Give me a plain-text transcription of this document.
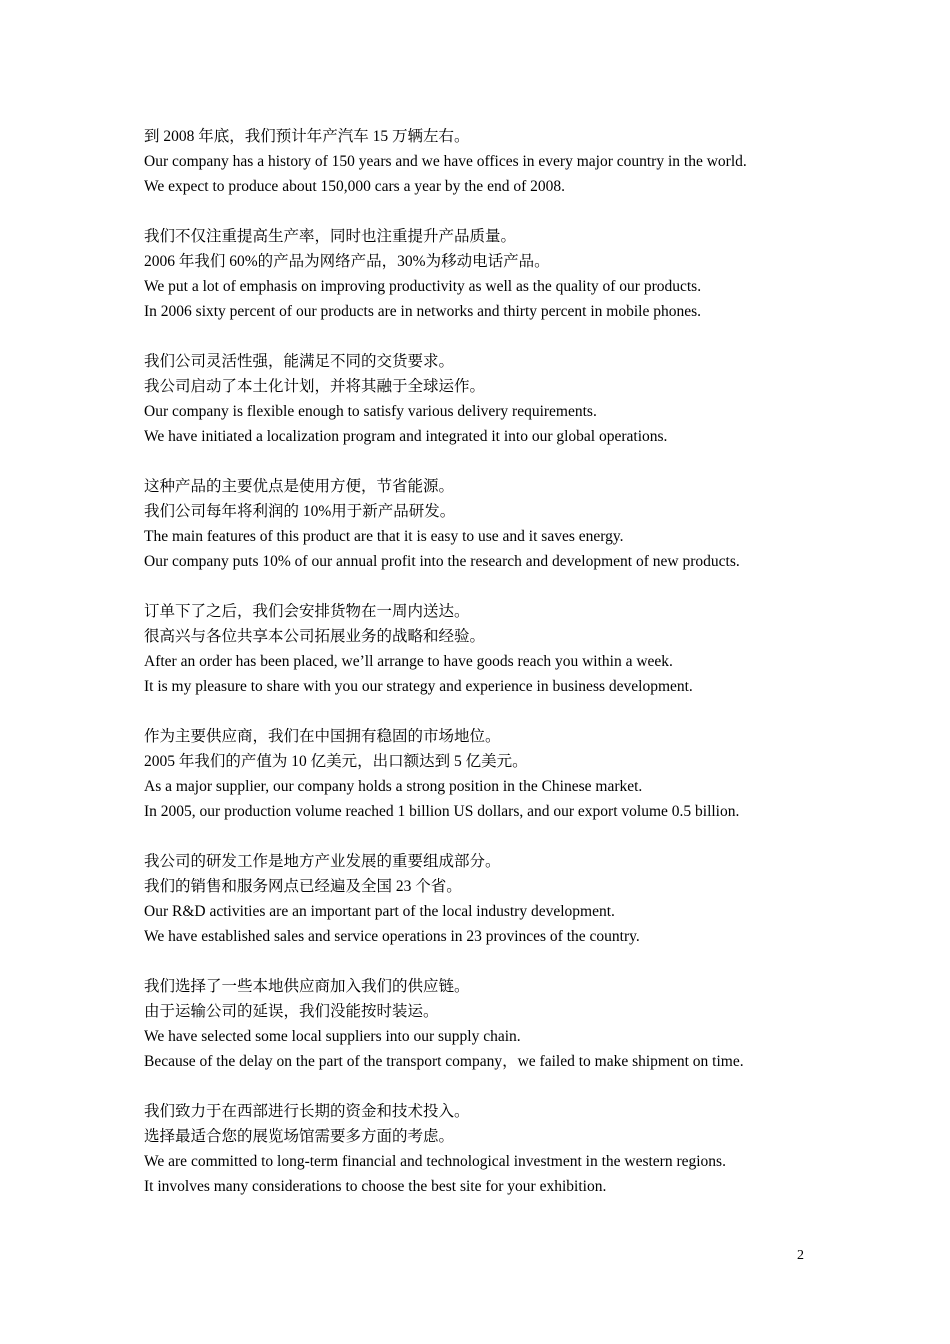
到 2008 年底，我们预计年产汽车 15 万辆左右。
Our company has a history of 150 years and we have offices in every major country in the world.
We expect to produce about 150,000 cars a year by the end of 2008.
我们不仅注重提高生产率，同时也注重提升产品质量。
2006 年我们 60%的产品为网络产品，30%为移动电话产品。
We put a lot of emphasis on improving productivity as well as the quality of our products.
In 2006 sixty percent of our products are in networks and thirty percent in mobile phones.
我们公司灵活性强，能满足不同的交货要求。
我公司启动了本土化计划，并将其融于全球运作。
Our company is flexible enough to satisfy various delivery requirements.
We have initiated a localization program and integrated it into our global operations.
这种产品的主要优点是使用方便，节省能源。
我们公司每年将利润的 10%用于新产品研发。
The main features of this product are that it is easy to use and it saves energy.
Our company puts 10% of our annual profit into the research and development of new products.
订单下了之后，我们会安排货物在一周内送达。
很高兴与各位共享本公司拓展业务的战略和经验。
After an order has been placed, we’ll arrange to have goods reach you within a week.
It is my pleasure to share with you our strategy and experience in business development.
作为主要供应商，我们在中国拥有稳固的市场地位。
2005 年我们的产值为 10 亿美元，出口额达到 5 亿美元。
As a major supplier, our company holds a strong position in the Chinese market.
In 2005, our production volume reached 1 billion US dollars, and our export volume 0.5 billion.
我公司的研发工作是地方产业发展的重要组成部分。
我们的销售和服务网点已经遍及全国 23 个省。
Our R&D activities are an important part of the local industry development.
We have established sales and service operations in 23 provinces of the country.
我们选择了一些本地供应商加入我们的供应链。
由于运输公司的延误，我们没能按时装运。
We have selected some local suppliers into our supply chain.
Because of the delay on the part of the transport company，we failed to make shipment on time.
我们致力于在西部进行长期的资金和技术投入。
选择最适合您的展览场馆需要多方面的考虑。
We are committed to long-term financial and technological investment in the western regions.
It involves many considerations to choose the best site for your exhibition.
2
